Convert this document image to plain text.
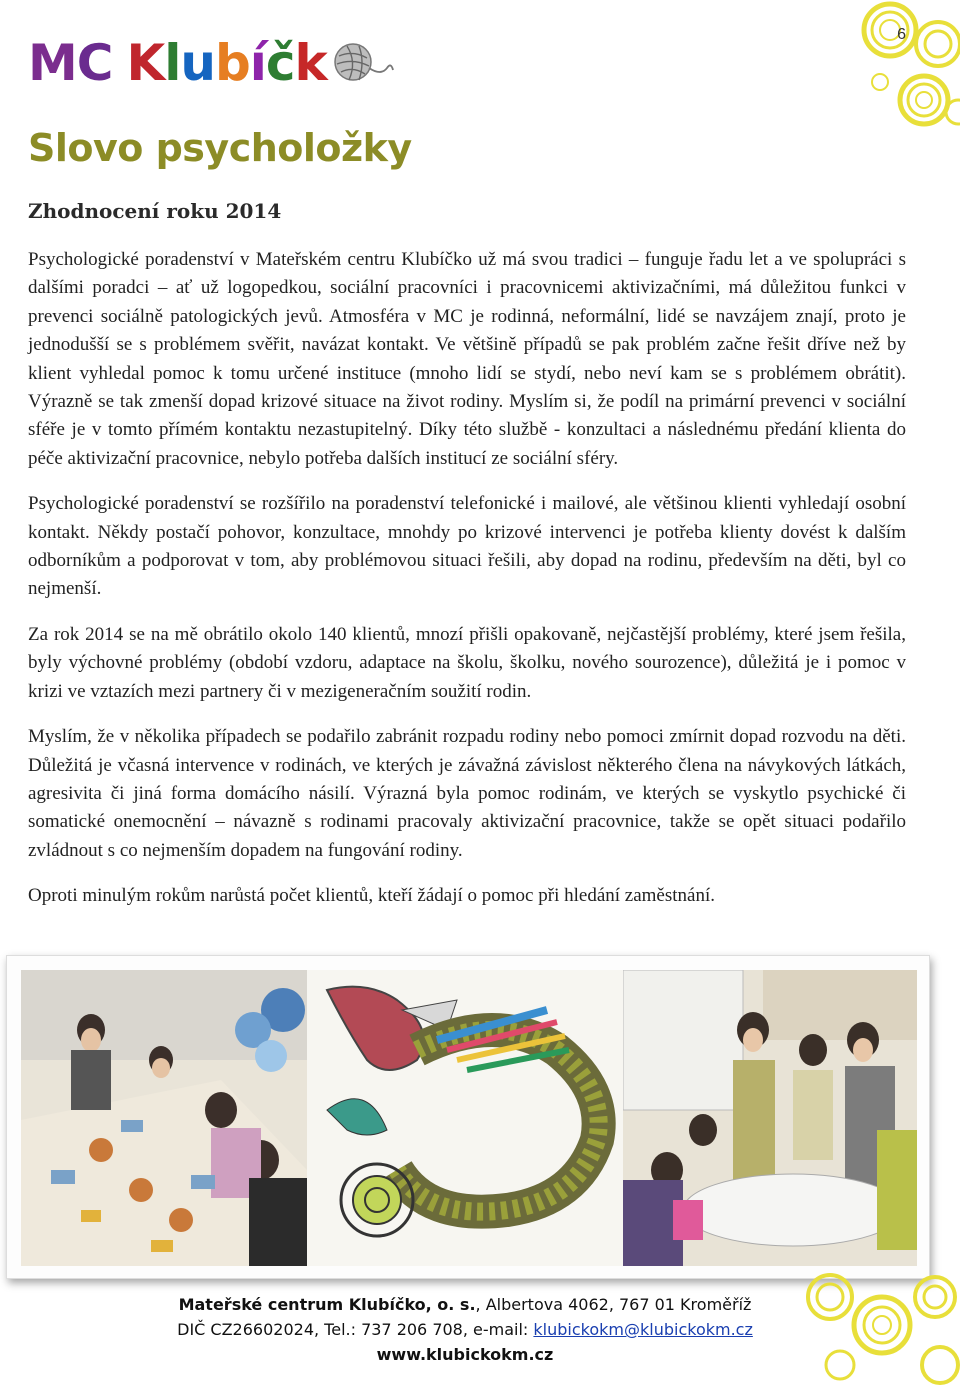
6
M C K l u b í č k
Slovo psycholožky
Zhodnocení roku 2014

Psychologické poradenství v Mateřském centru Klubíčko už má svou tradici – funguje řadu let a ve spolupráci s dalšími poradci – ať už logopedkou, sociální pracovníci i pracovnicemi aktivizačními, má důležitou funkci v prevenci sociálně patologických jevů. Atmosféra v MC je rodinná, neformální, lidé se navzájem znají, proto je jednodušší se s problémem svěřit, navázat kontakt. Ve většině případů se pak problém začne řešit dříve než by klient vyhledal pomoc k tomu určené instituce (mnoho lidí se stydí, nebo neví kam se s problémem obrátit). Výrazně se tak zmenší dopad krizové situace na život rodiny. Myslím si, že podíl na primární prevenci v sociální sféře je v tomto přímém kontaktu nezastupitelný. Díky této službě - konzultaci a následnému předání klienta do péče aktivizační pracovnice, nebylo potřeba dalších institucí ze sociální sféry.

Psychologické poradenství se rozšířilo na poradenství telefonické i mailové, ale většinou klienti vyhledají osobní kontakt. Někdy postačí pohovor, konzultace, mnohdy po krizové intervenci je potřeba klienty dovést k dalším odborníkům a podporovat v tom, aby problémovou situaci řešili, aby dopad na rodinu, především na děti, byl co nejmenší.

Za rok 2014 se na mě obrátilo okolo 140 klientů, mnozí přišli opakovaně, nejčastější problémy, které jsem řešila, byly výchovné problémy (období vzdoru, adaptace na školu, školku, nového sourozence), důležitá je i pomoc v krizi ve vztazích mezi partnery či v mezigeneračním soužití rodin.

Myslím, že v několika případech se podařilo zabránit rozpadu rodiny nebo pomoci zmírnit dopad rozvodu na děti. Důležitá je včasná intervence v rodinách, ve kterých je závažná závislost některého člena na návykových látkách, agresivita či jiná forma domácího násilí. Výrazná byla pomoc rodinám, ve kterých se vyskytlo psychické či somatické onemocnění – návazně s rodinami pracovaly aktivizační pracovnice, takže se opět situaci podařilo zvládnout s co nejmenším dopadem na fungování rodiny.

Oproti minulým rokům narůstá počet klientů, kteří žádají o pomoc při hledání zaměstnání.

Mateřské centrum Klubíčko, o. s., Albertova 4062, 767 01 Kroměříž
DIČ CZ26602024, Tel.: 737 206 708, e-mail: klubickokm@klubickokm.cz
www.klubickokm.cz
